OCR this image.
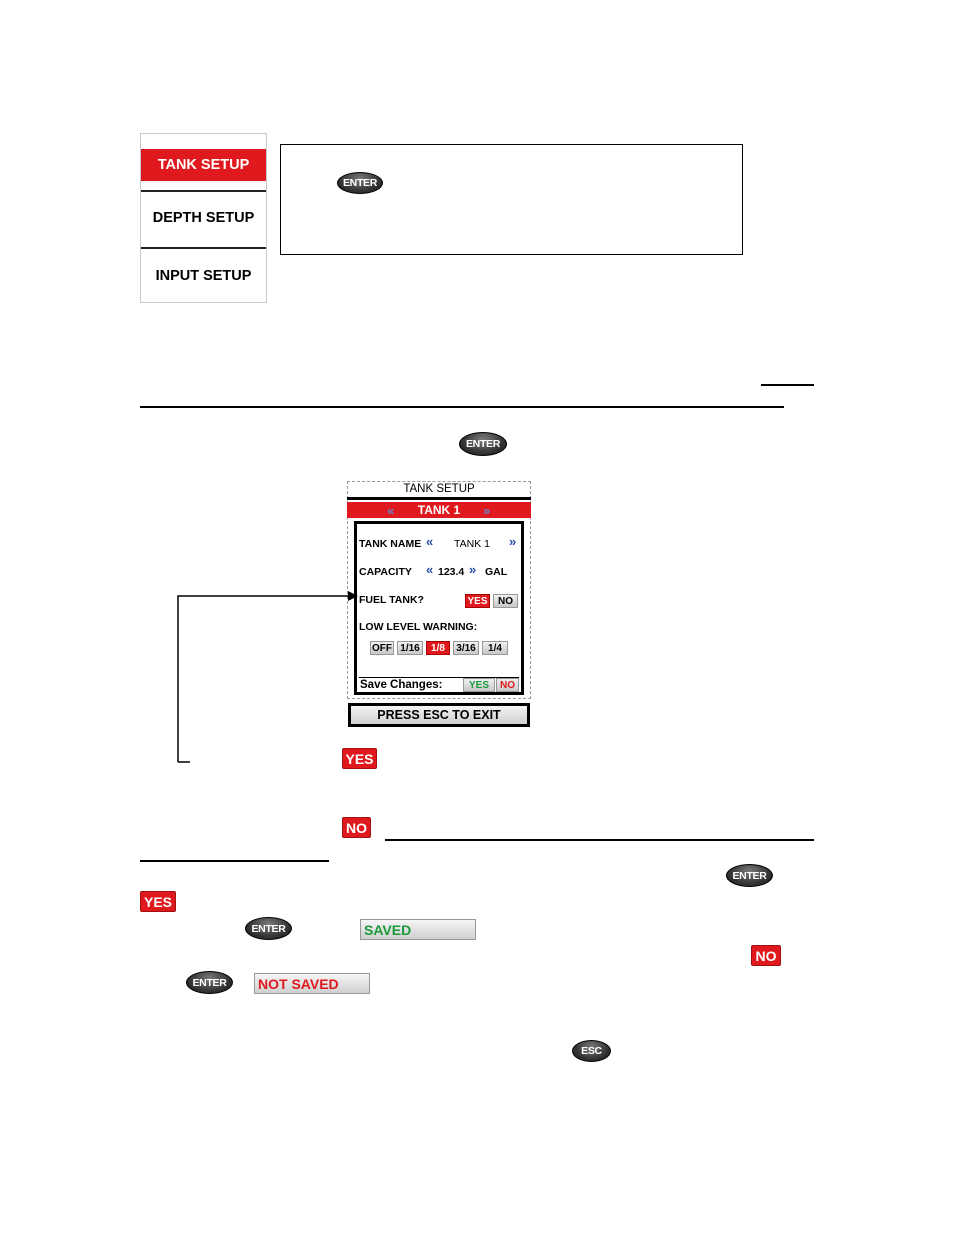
TANK SETUP
DEPTH SETUP
INPUT SETUP
ENTER
ENTER
TANK SETUP
« TANK 1 »
TANK NAME « TANK 1 »
CAPACITY « 123.4 » GAL
FUEL TANK?	YES	NO
LOW LEVEL WARNING:
OFF 1/16	1/8	3/16	1/4
Save Changes:	YES	NO
PRESS ESC TO EXIT
YES
NO
ENTER
YES
ENTER	SAVED
NO
ENTER	NOT SAVED
ESC
